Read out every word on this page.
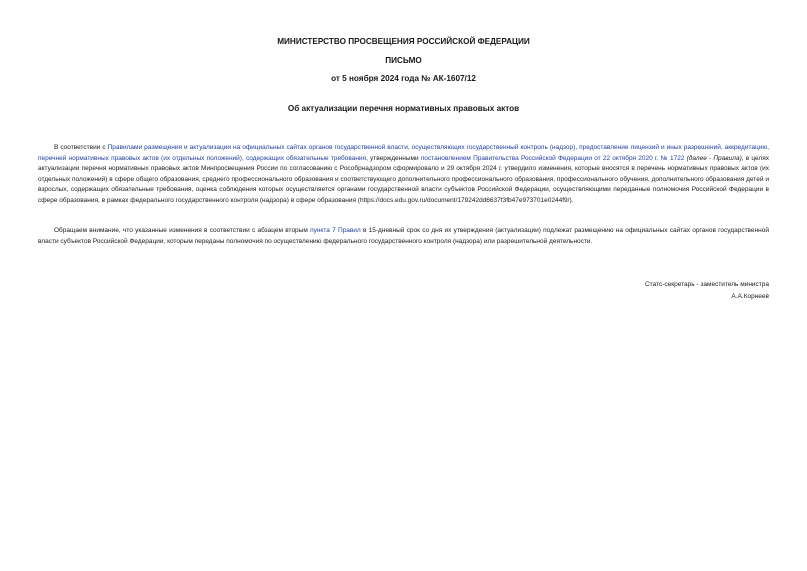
МИНИСТЕРСТВО ПРОСВЕЩЕНИЯ РОССИЙСКОЙ ФЕДЕРАЦИИ
ПИСЬМО
от 5 ноября 2024 года № АК-1607/12
Об актуализации перечня нормативных правовых актов

В соответствии с Правилами размещения и актуализации на официальных сайтах органов государственной власти, осуществляющих государственный контроль (надзор), предоставление лицензий и иных разрешений, аккредитацию, перечней нормативных правовых актов (их отдельных положений), содержащих обязательные требования, утвержденными постановлением Правительства Российской Федерации от 22 октября 2020 г. № 1722 (далее - Правила), в целях актуализации перечня нормативных правовых актов Минпросвещения России по согласованию с Рособрнадзором сформировало и 29 октября 2024 г. утвердило изменения, которые вносятся в перечень нормативных правовых актов (их отдельных положений) в сфере общего образования, среднего профессионального образования и соответствующего дополнительного профессионального образования, профессионального обучения, дополнительного образования детей и взрослых, содержащих обязательные требования, оценка соблюдения которых осуществляется органами государственной власти субъектов Российской Федерации, осуществляющими переданные полномочия Российской Федерации в сфере образования, в рамках федерального государственного контроля (надзора) в сфере образования (https://docs.edu.gov.ru/document/179242dd6637f3fb47e973701e0244f9/).

Обращаем внимание, что указанные изменения в соответствии с абзацем вторым пункта 7 Правил в 15-дневный срок со дня их утверждения (актуализации) подлежат размещению на официальных сайтах органов государственной власти субъектов Российской Федерации, которым переданы полномочия по осуществлению федерального государственного контроля (надзора) или разрешительной деятельности.

Статс-секретарь - заместитель министра
А.А.Корнеев
